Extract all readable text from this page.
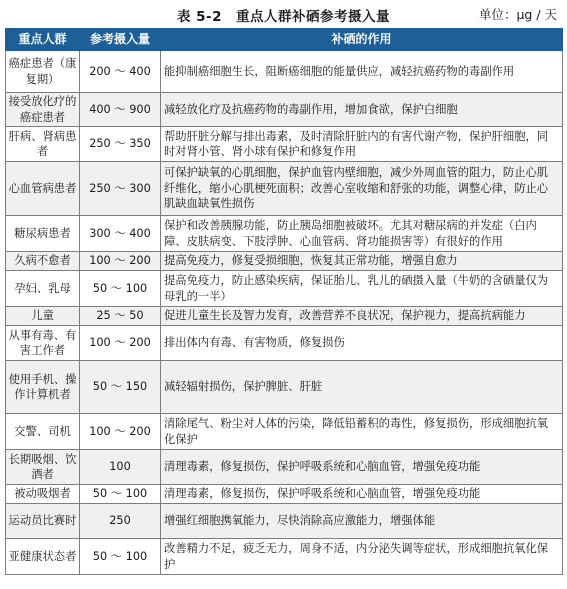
表 5-2　重点人群补硒参考摄入量	单位：μg / 天
重点人群	参考摄入量	补硒的作用
癌症患者（康复期）	200 ～ 400	能抑制癌细胞生长，阻断癌细胞的能量供应，减轻抗癌药物的毒副作用
接受放化疗的癌症患者	400 ～ 900	减轻放化疗及抗癌药物的毒副作用，增加食欲，保护白细胞
肝病、肾病患者	250 ～ 350	帮助肝脏分解与排出毒素，及时清除肝脏内的有害代谢产物，保护肝细胞，同时对肾小管、肾小球有保护和修复作用
心血管病患者	250 ～ 300	可保护缺氧的心肌细胞，保护血管内壁细胞，减少外周血管的阻力，防止心肌纤维化，缩小心肌梗死面积；改善心室收缩和舒张的功能，调整心律，防止心肌缺血缺氧性损伤
糖尿病患者	300 ～ 400	保护和改善胰腺功能，防止胰岛细胞被破坏。尤其对糖尿病的并发症（白内障、皮肤病变、下肢浮肿、心血管病、肾功能损害等）有很好的作用
久病不愈者	100 ～ 200	提高免疫力，修复受损细胞，恢复其正常功能，增强自愈力
孕妇、乳母	50 ～ 100	提高免疫力，防止感染疾病，保证胎儿、乳儿的硒摄入量（牛奶的含硒量仅为母乳的一半）
儿童	25 ～ 50	促进儿童生长及智力发育，改善营养不良状况，保护视力，提高抗病能力
从事有毒、有害工作者	100 ～ 200	排出体内有毒、有害物质，修复损伤
使用手机、操作计算机者	50 ～ 150	减轻辐射损伤，保护脾脏、肝脏
交警、司机	100 ～ 200	清除尾气、粉尘对人体的污染，降低铅蓄积的毒性，修复损伤，形成细胞抗氧化保护
长期吸烟、饮酒者	100	清理毒素，修复损伤，保护呼吸系统和心脑血管，增强免疫功能
被动吸烟者	50 ～ 100	清理毒素，修复损伤，保护呼吸系统和心脑血管，增强免疫功能
运动员比赛时	250	增强红细胞携氧能力，尽快消除高应激能力，增强体能
亚健康状态者	50 ～ 100	改善精力不足，疲乏无力，周身不适，内分泌失调等症状，形成细胞抗氧化保护
